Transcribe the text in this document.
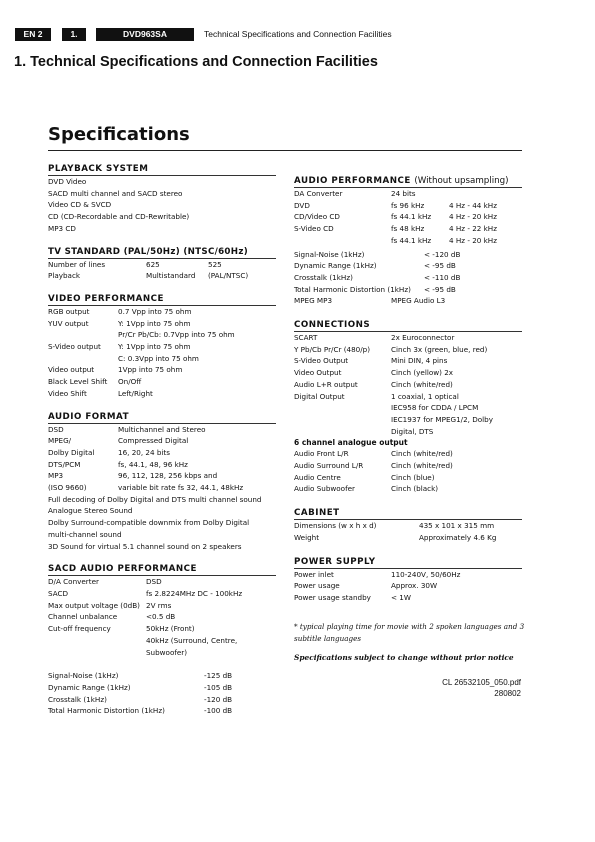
EN 2	1.	DVD963SA	Technical Specifications and Connection Facilities
1. Technical Specifications and Connection Facilities
Specifications
PLAYBACK SYSTEM
DVD Video
SACD multi channel and SACD stereo
Video CD & SVCD
CD (CD-Recordable and CD-Rewritable)
MP3 CD
TV STANDARD (PAL/50Hz) (NTSC/60Hz)
Number of lines	625	525
Playback	Multistandard	(PAL/NTSC)
VIDEO PERFORMANCE
RGB output	0.7 Vpp into 75 ohm
YUV output	Y: 1Vpp into 75 ohm
Pr/Cr Pb/Cb: 0.7Vpp into 75 ohm
S-Video output	Y: 1Vpp into 75 ohm
C: 0.3Vpp into 75 ohm
Video output	1Vpp into 75 ohm
Black Level Shift	On/Off
Video Shift	Left/Right
AUDIO FORMAT
DSD	Multichannel and Stereo
MPEG/	Compressed Digital
Dolby Digital	16, 20, 24 bits
DTS/PCM	fs, 44.1, 48, 96 kHz
MP3	96, 112, 128, 256 kbps and
(ISO 9660)	variable bit rate fs 32, 44.1, 48kHz
Full decoding of Dolby Digital and DTS multi channel sound
Analogue Stereo Sound
Dolby Surround-compatible downmix from Dolby Digital
multi-channel sound
3D Sound for virtual 5.1 channel sound on 2 speakers
SACD AUDIO PERFORMANCE
D/A Converter	DSD
SACD	fs 2.8224MHz DC - 100kHz
Max output voltage (0dB) 2V rms
Channel unbalance	<0.5 dB
Cut-off frequency	50kHz (Front)
40kHz (Surround, Centre,
Subwoofer)
Signal-Noise (1kHz)	-125 dB
Dynamic Range (1kHz)	-105 dB
Crosstalk (1kHz)	-120 dB
Total Harmonic Distortion (1kHz)	-100 dB
AUDIO PERFORMANCE (Without upsampling)
DA Converter	24 bits
DVD	fs 96 kHz	4 Hz - 44 kHz
CD/Video CD	fs 44.1 kHz	4 Hz - 20 kHz
S-Video CD	fs 48 kHz	4 Hz - 22 kHz
fs 44.1 kHz	4 Hz - 20 kHz
Signal-Noise (1kHz)	< -120 dB
Dynamic Range (1kHz)	< -95 dB
Crosstalk (1kHz)	< -110 dB
Total Harmonic Distortion (1kHz)	< -95 dB
MPEG MP3	MPEG Audio L3
CONNECTIONS
SCART	2x Euroconnector
Y Pb/Cb Pr/Cr (480/p)	Cinch 3x (green, blue, red)
S-Video Output	Mini DIN, 4 pins
Video Output	Cinch (yellow) 2x
Audio L+R output	Cinch (white/red)
Digital Output	1 coaxial, 1 optical
IEC958 for CDDA / LPCM
IEC1937 for MPEG1/2, Dolby
Digital, DTS
6 channel analogue output
Audio Front L/R	Cinch (white/red)
Audio Surround L/R	Cinch (white/red)
Audio Centre	Cinch (blue)
Audio Subwoofer	Cinch (black)
CABINET
Dimensions (w x h x d)	435 x 101 x 315 mm
Weight	Approximately 4.6 Kg
POWER SUPPLY
Power inlet	110-240V, 50/60Hz
Power usage	Approx. 30W
Power usage standby	< 1W
* typical playing time for movie with 2 spoken languages and 3 subtitle languages
Specifications subject to change without prior notice
CL 26532105_050.pdf
280802
